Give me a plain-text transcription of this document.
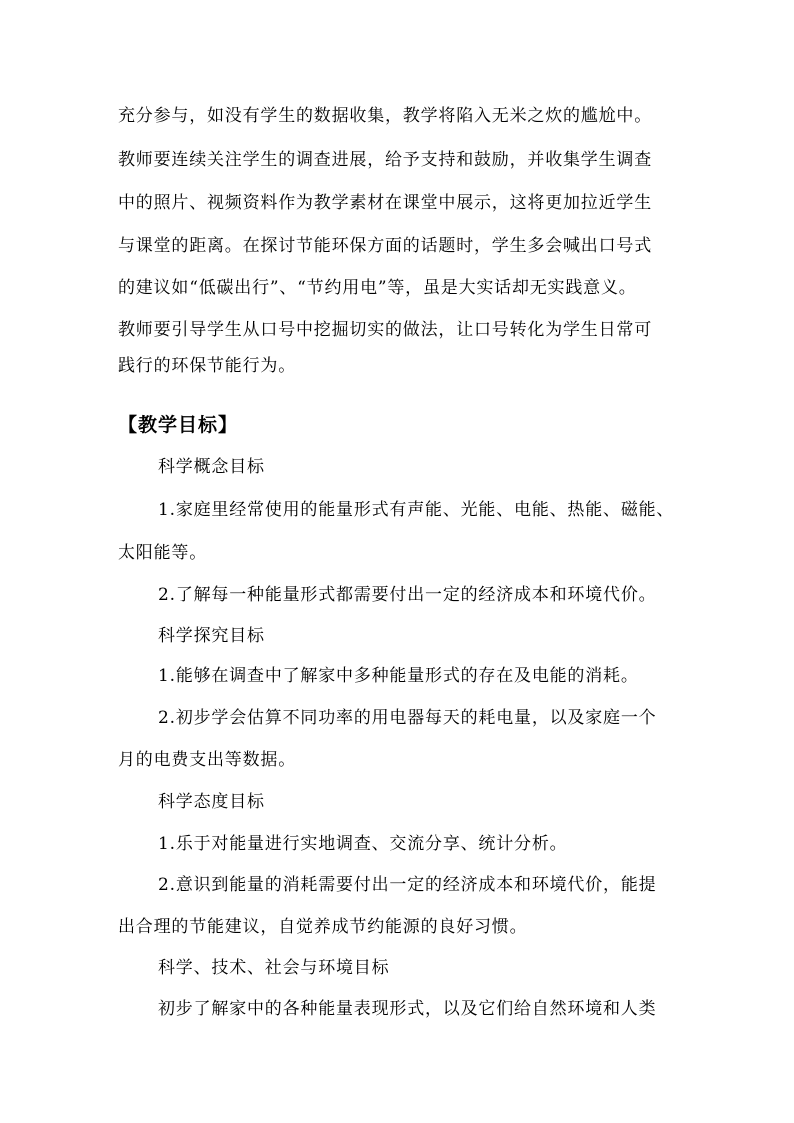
充分参与，如没有学生的数据收集，教学将陷入无米之炊的尴尬中。
教师要连续关注学生的调查进展，给予支持和鼓励，并收集学生调查
中的照片、视频资料作为教学素材在课堂中展示，这将更加拉近学生
与课堂的距离。在探讨节能环保方面的话题时，学生多会喊出口号式
的建议如“低碳出行”、“节约用电”等，虽是大实话却无实践意义。
教师要引导学生从口号中挖掘切实的做法，让口号转化为学生日常可
践行的环保节能行为。
【教学目标】
科学概念目标
1.家庭里经常使用的能量形式有声能、光能、电能、热能、磁能、
太阳能等。
2.了解每一种能量形式都需要付出一定的经济成本和环境代价。
科学探究目标
1.能够在调查中了解家中多种能量形式的存在及电能的消耗。
2.初步学会估算不同功率的用电器每天的耗电量，以及家庭一个
月的电费支出等数据。
科学态度目标
1.乐于对能量进行实地调查、交流分享、统计分析。
2.意识到能量的消耗需要付出一定的经济成本和环境代价，能提
出合理的节能建议，自觉养成节约能源的良好习惯。
科学、技术、社会与环境目标
初步了解家中的各种能量表现形式，以及它们给自然环境和人类
